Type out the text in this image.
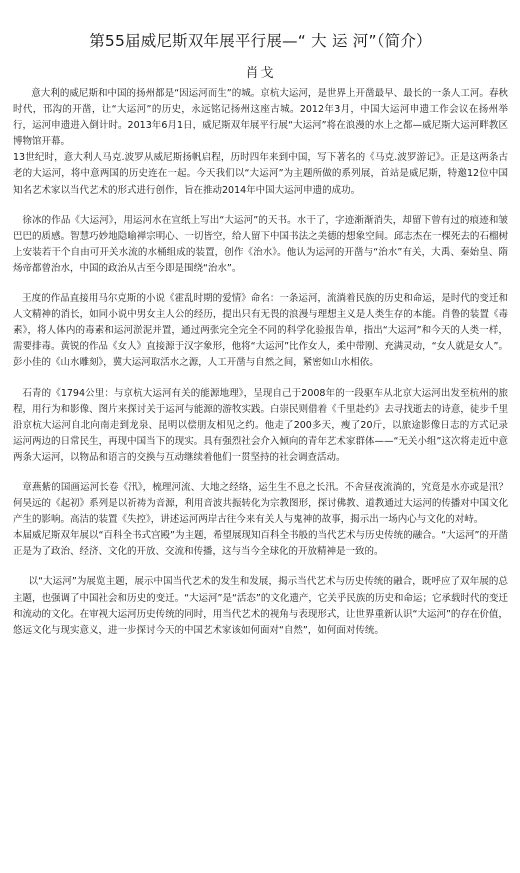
第55届威尼斯双年展平行展—“ 大 运 河”（简介）
肖戈

意大利的威尼斯和中国的扬州都是“因运河而生”的城。京杭大运河，是世界上开凿最早、最长的一条人工河。春秋时代，邗沟的开凿，让“大运河”的历史，永远铭记扬州这座古城。2012年3月，中国大运河申遗工作会议在扬州举行，运河申遗进入倒计时。2013年6月1日，威尼斯双年展平行展“大运河”将在浪漫的水上之都—威尼斯大运河畔教区博物馆开幕。

13世纪时，意大利人马克.波罗从威尼斯扬帆启程，历时四年来到中国，写下著名的《马克.波罗游记》。正是这两条古老的大运河，将中意两国的历史连在一起。今天我们以“大运河”为主题所做的系列展，首站是威尼斯，特邀12位中国知名艺术家以当代艺术的形式进行创作，旨在推动2014年中国大运河申遗的成功。

徐冰的作品《大运河》，用运河水在宣纸上写出“大运河”的天书。水干了，字迹渐渐消失，却留下曾有过的痕迹和皱巴巴的质感。智慧巧妙地隐喻禅宗明心、一切皆空，给人留下中国书法之美德的想象空间。邱志杰在一棵死去的石榴树上安装若干个自由可开关水流的水桶组成的装置，创作《治水》。他认为运河的开凿与“治水”有关，大禹、秦始皇、隋炀帝都曾治水，中国的政治从古至今即是围绕“治水”。

王度的作品直接用马尔克斯的小说《霍乱时期的爱情》命名：一条运河，流淌着民族的历史和命运，是时代的变迁和人文精神的消长，如同小说中男女主人公的经历，提出只有无畏的浪漫与理想主义是人类生存的本能。肖鲁的装置《毒素》，将人体内的毒素和运河淤泥并置，通过两张完全完全不同的科学化验报告单，指出“大运河”和今天的人类一样，需要排毒。黄锐的作品《女人》直接源于汉字象形，他将“大运河”比作女人，柔中带刚、充满灵动，“女人就是女人”。彭小佳的《山水雕刻》，冀大运河取活水之源，人工开凿与自然之间，紧密如山水相依。

石青的《1794公里：与京杭大运河有关的能源地理》，呈现自己于2008年的一段驱车从北京大运河出发至杭州的旅程，用行为和影像、图片来探讨关于运河与能源的游牧实践。白崇民则借着《千里赴约》去寻找逝去的诗意，徒步千里沿京杭大运河自北向南走到龙泉、昆明以偿朋友相见之约。他走了200多天，瘦了20斤，以旅途影像日志的方式记录运河两边的日常民生，再现中国当下的现实。具有强烈社会介入倾向的青年艺术家群体——“无关小组”这次将走近中意两条大运河，以物品和语言的交换与互动继续着他们一贯坚持的社会调查活动。

章燕紫的国画运河长卷《汛》，梳理河流、大地之经络，运生生不息之长汛。不舍昼夜流淌的，究竟是水亦或是汛？何昊远的《起初》系列是以祈祷为音源，利用音波共振转化为宗教图形，探讨佛教、道教通过大运河的传播对中国文化产生的影响。高洁的装置《失控》，讲述运河两岸古往今来有关人与鬼神的故事，揭示出一场内心与文化的对峙。

本届威尼斯双年展以“百科全书式宫殿”为主题，希望展现知百科全书般的当代艺术与历史传统的融合。“大运河”的开凿正是为了政治、经济、文化的开放、交流和传播，这与当今全球化的开放精神是一致的。

以“大运河”为展览主题，展示中国当代艺术的发生和发展，揭示当代艺术与历史传统的融合，既呼应了双年展的总主题，也强调了中国社会和历史的变迁。“大运河”是“活态”的文化遗产，它关乎民族的历史和命运；它承载时代的变迁和流动的文化。在审视大运河历史传统的同时，用当代艺术的视角与表现形式，让世界重新认识“大运河”的存在价值，悠远文化与现实意义，进一步探讨今天的中国艺术家该如何面对“自然”，如何面对传统。
